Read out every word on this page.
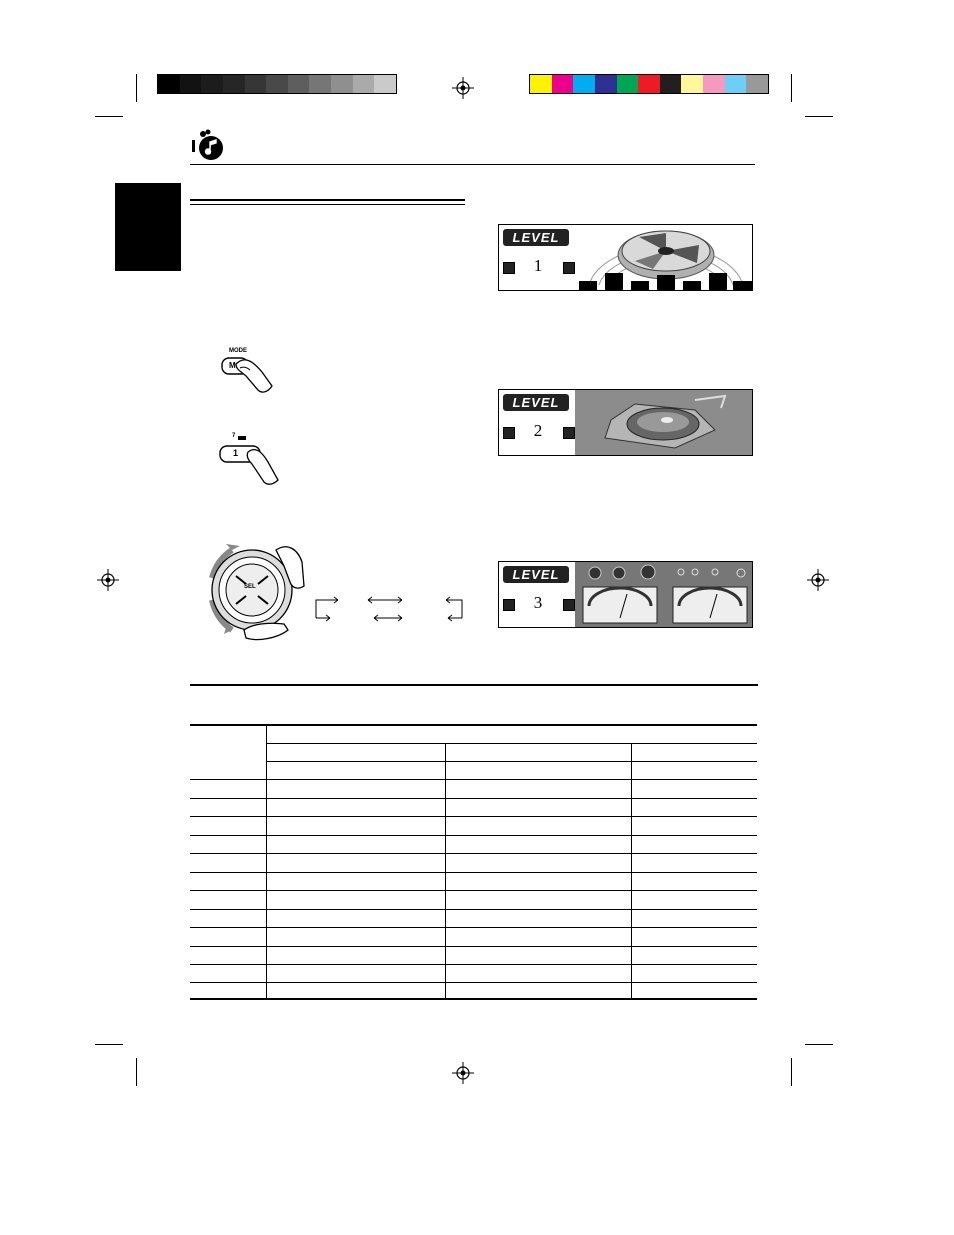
LEVEL
1
LEVEL
2
LEVEL
3
MODE
M
7
1
SEL
